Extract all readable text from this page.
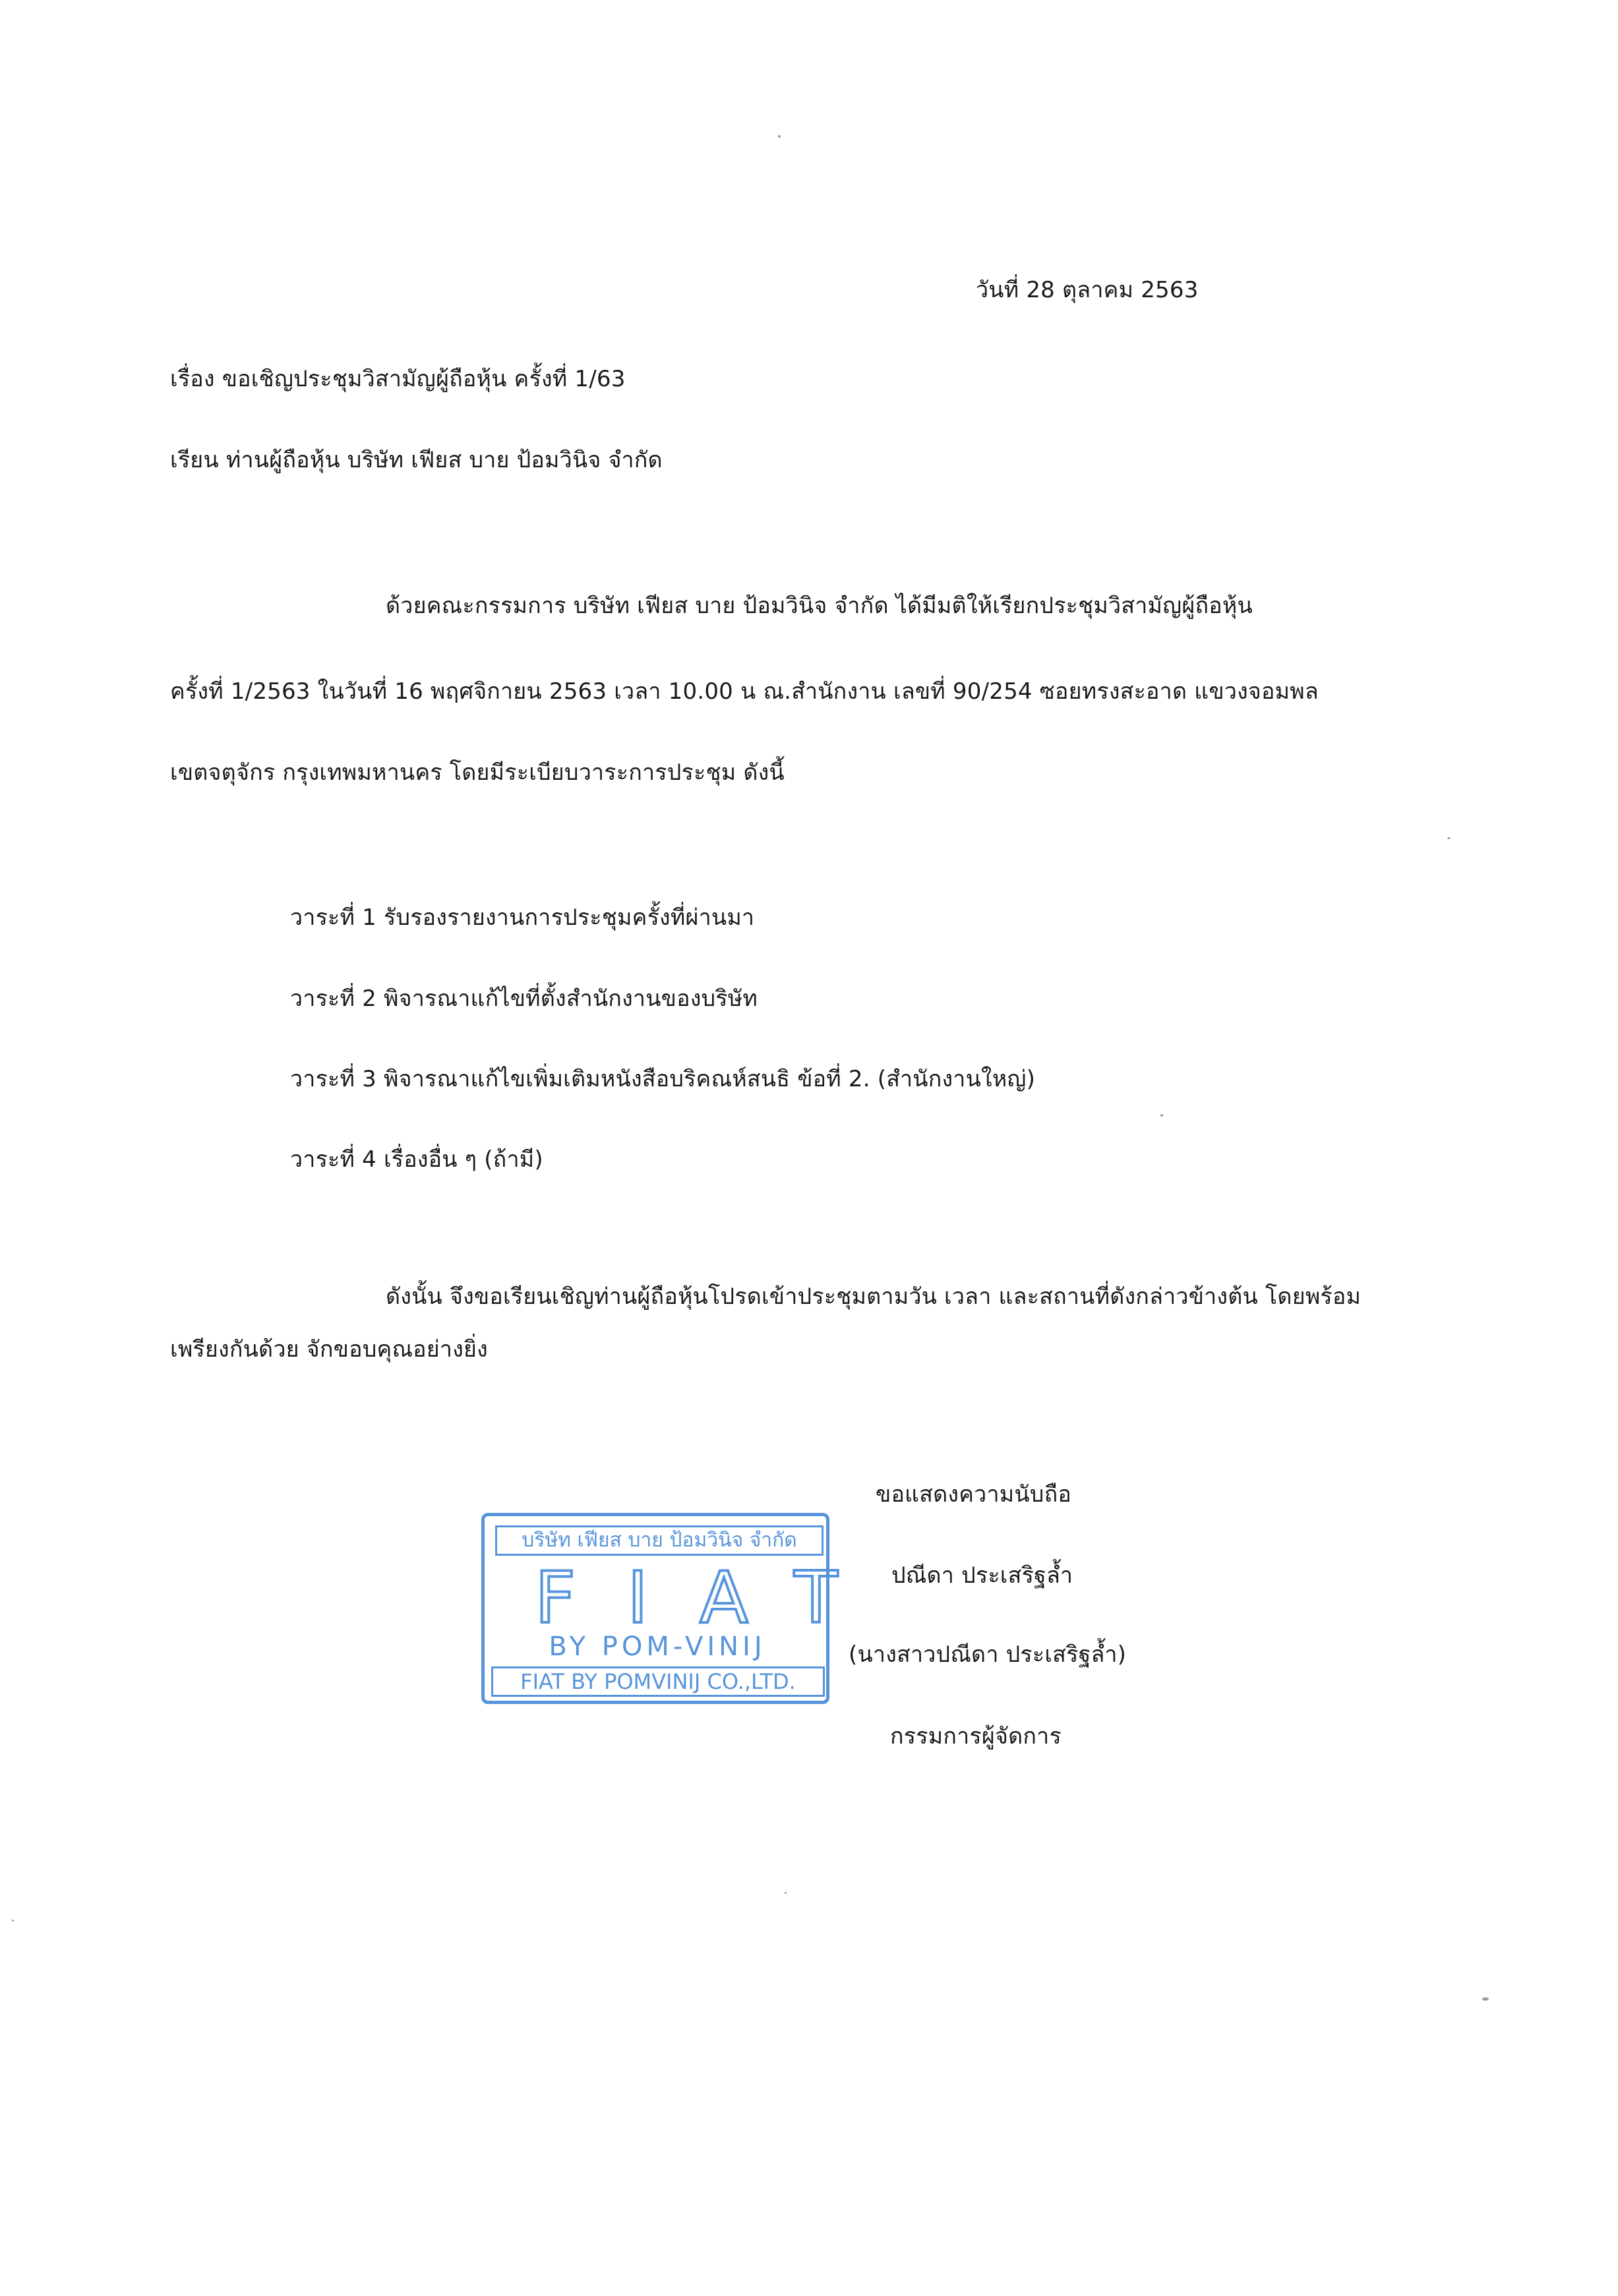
วันที่ 28 ตุลาคม 2563
เรื่อง ขอเชิญประชุมวิสามัญผู้ถือหุ้น ครั้งที่ 1/63
เรียน ท่านผู้ถือหุ้น บริษัท เฟียส บาย ป้อมวินิจ จำกัด
ด้วยคณะกรรมการ บริษัท เฟียส บาย ป้อมวินิจ จำกัด ได้มีมติให้เรียกประชุมวิสามัญผู้ถือหุ้น
ครั้งที่ 1/2563 ในวันที่ 16 พฤศจิกายน 2563 เวลา 10.00 น ณ.สำนักงาน เลขที่ 90/254 ซอยทรงสะอาด แขวงจอมพล
เขตจตุจักร กรุงเทพมหานคร โดยมีระเบียบวาระการประชุม ดังนี้
วาระที่ 1 รับรองรายงานการประชุมครั้งที่ผ่านมา
วาระที่ 2 พิจารณาแก้ไขที่ตั้งสำนักงานของบริษัท
วาระที่ 3 พิจารณาแก้ไขเพิ่มเติมหนังสือบริคณห์สนธิ ข้อที่ 2. (สำนักงานใหญ่)
วาระที่ 4 เรื่องอื่น ๆ (ถ้ามี)
ดังนั้น จึงขอเรียนเชิญท่านผู้ถือหุ้นโปรดเข้าประชุมตามวัน เวลา และสถานที่ดังกล่าวข้างต้น โดยพร้อม
เพรียงกันด้วย จักขอบคุณอย่างยิ่ง
ขอแสดงความนับถือ
ปณีดา ประเสริฐล้ำ
(นางสาวปณีดา ประเสริฐล้ำ)
กรรมการผู้จัดการ
บริษัท เฟียส บาย ป้อมวินิจ จำกัด
FIAT
BY POM-VINIJ
FIAT BY POMVINIJ CO.,LTD.
